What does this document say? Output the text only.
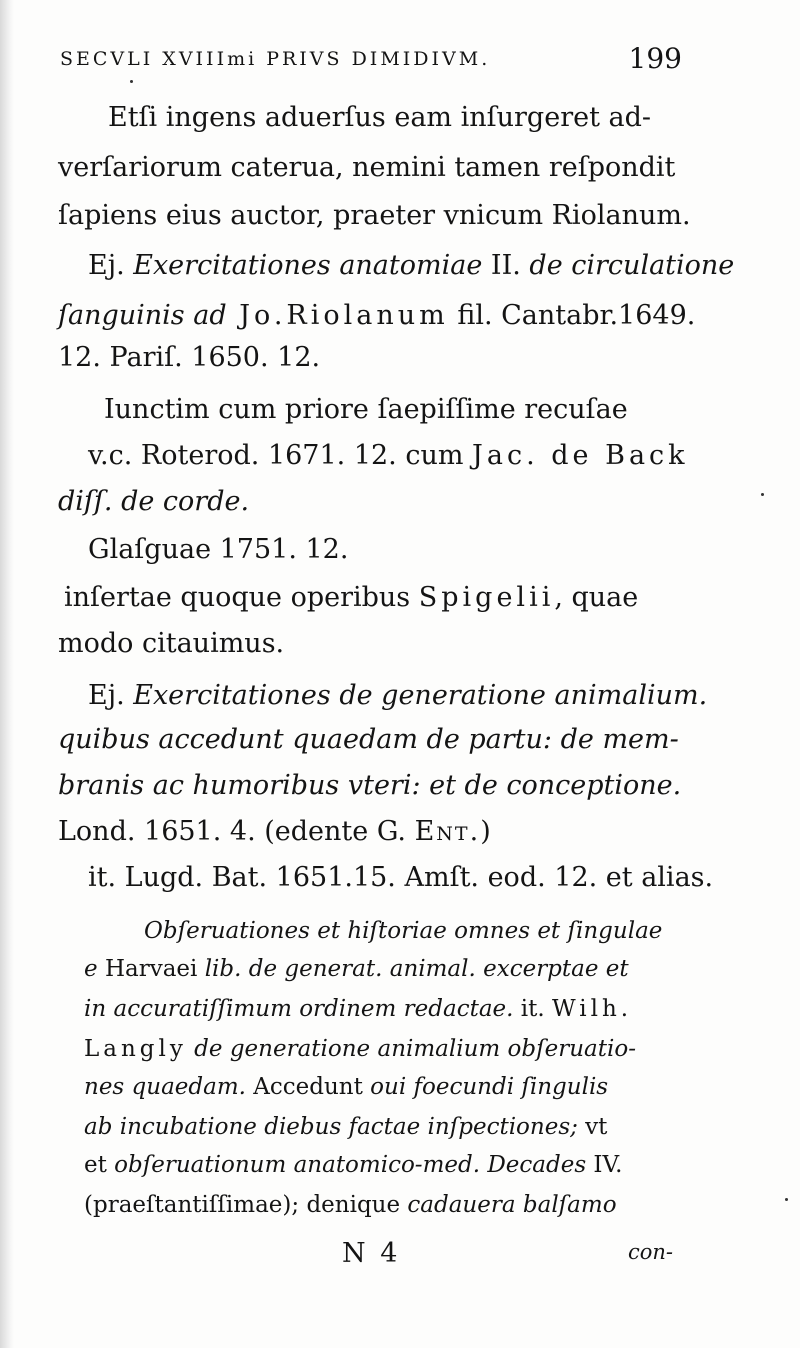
SECVLI XVIIImi PRIVS DIMIDIVM.	199
Etſi ingens aduerſus eam inſurgeret ad-
verſariorum caterua, nemini tamen reſpondit
ſapiens eius auctor, praeter vnicum Riolanum.
Ej. Exercitationes anatomiae II. de circulatione
ſanguinis ad Jo.Riolanum fil. Cantabr.1649.
12. Pariſ. 1650. 12.
Iunctim cum priore ſaepiſſime recuſae
v.c. Roterod. 1671. 12. cum Jac. de Back
diſſ. de corde.
Glaſguae 1751. 12.
inſertae quoque operibus Spigelii, quae
modo citauimus.
Ej. Exercitationes de generatione animalium.
quibus accedunt quaedam de partu: de mem-
branis ac humoribus vteri: et de conceptione.
Lond. 1651. 4. (edente G. Ent.)
it. Lugd. Bat. 1651.15. Amſt. eod. 12. et alias.
Obſeruationes et hiſtoriae omnes et ſingulae
e Harvaei lib. de generat. animal. excerptae et
in accuratiſſimum ordinem redactae. it. Wilh.
Langly de generatione animalium obſeruatio-
nes quaedam. Accedunt oui foecundi ſingulis
ab incubatione diebus factae inſpectiones; vt
et obſeruationum anatomico-med. Decades IV.
(praeſtantiſſimae); denique cadauera balſamo
N 4	con-
